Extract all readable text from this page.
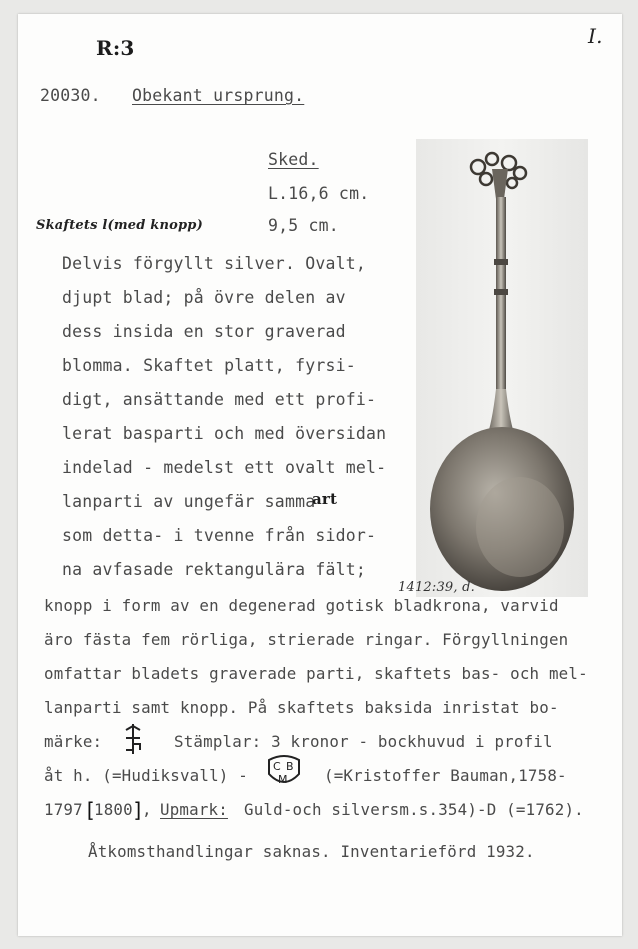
R:3	I.
20030. Obekant ursprung.
Sked.
L.16,6 cm.
Skaftets l(med knopp)	9,5 cm.
1412:39, d.
Delvis förgyllt silver. Ovalt,
djupt blad; på övre delen av
dess insida en stor graverad
blomma. Skaftet platt, fyrsi-
digt, ansättande med ett profi-
lerat basparti och med översidan
indelad - medelst ett ovalt mel-
lanparti av ungefär samma
art
som detta- i tvenne från sidor-
na avfasade rektangulära fält;
knopp i form av en degenerad gotisk bladkrona, varvid
äro fästa fem rörliga, strierade ringar. Förgyllningen
omfattar bladets graverade parti, skaftets bas- och mel-
lanparti samt knopp. På skaftets baksida inristat bo-
märke:	Stämplar: 3 kronor - bockhuvud i profil
åt h. (=Hudiksvall) - C B
M (=Kristoffer Bauman,1758-
1797 [
1800 ]
, Upmark: Guld-och silversm.s.354)-D (=1762).
Åtkomsthandlingar saknas. Inventarieförd 1932.
